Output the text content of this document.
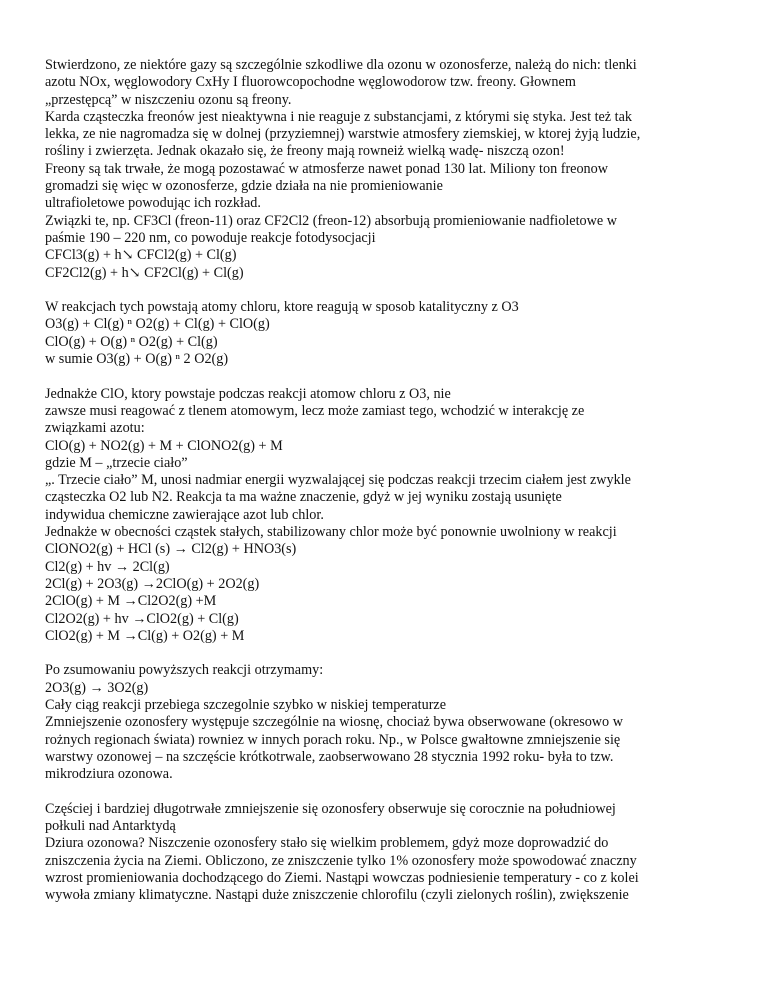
Stwierdzono, ze niektóre gazy są szczególnie szkodliwe dla ozonu w ozonosferze, należą do nich: tlenki
azotu NOx, węglowodory CxHy I fluorowcopochodne węglowodorow tzw. freony. Głownem
„przestępcą” w niszczeniu ozonu są freony.
Karda cząsteczka freonów jest nieaktywna i nie reaguje z substancjami, z którymi się styka. Jest też tak
lekka, ze nie nagromadza się w dolnej (przyziemnej) warstwie atmosfery ziemskiej, w ktorej żyją ludzie,
rośliny i zwierzęta. Jednak okazało się, że freony mają rowneiż wielką wadę- niszczą ozon!
Freony są tak trwałe, że mogą pozostawać w atmosferze nawet ponad 130 lat. Miliony ton freonow
gromadzi się więc w ozonosferze, gdzie działa na nie promieniowanie
ultrafioletowe powodując ich rozkład.
Związki te, np. CF3Cl (freon-11) oraz CF2Cl2 (freon-12) absorbują promieniowanie nadfioletowe w
paśmie 190 – 220 nm, co powoduje reakcje fotodysocjacji
CFCl3(g) + h↘ CFCl2(g) + Cl(g)
CF2Cl2(g) + h↘ CF2Cl(g) + Cl(g)
W reakcjach tych powstają atomy chloru, ktore reagują w sposob katalityczny z O3
O3(g) + Cl(g) ⁿ O2(g) + Cl(g) + ClO(g)
ClO(g) + O(g) ⁿ O2(g) + Cl(g)
w sumie O3(g) + O(g) ⁿ 2 O2(g)
Jednakże ClO, ktory powstaje podczas reakcji atomow chloru z O3, nie
zawsze musi reagować z tlenem atomowym, lecz może zamiast tego, wchodzić w interakcję ze
związkami azotu:
ClO(g) + NO2(g) + M + ClONO2(g) + M
gdzie M – „trzecie ciało”
„. Trzecie ciało” M, unosi nadmiar energii wyzwalającej się podczas reakcji trzecim ciałem jest zwykle
cząsteczka O2 lub N2. Reakcja ta ma ważne znaczenie, gdyż w jej wyniku zostają usunięte
indywidua chemiczne zawierające azot lub chlor.
Jednakże w obecności cząstek stałych, stabilizowany chlor może być ponownie uwolniony w reakcji
ClONO2(g) + HCl (s) → Cl2(g) + HNO3(s)
Cl2(g) + hv → 2Cl(g)
2Cl(g) + 2O3(g) →2ClO(g) + 2O2(g)
2ClO(g) + M →Cl2O2(g) +M
Cl2O2(g) + hv →ClO2(g) + Cl(g)
ClO2(g) + M →Cl(g) + O2(g) + M
Po zsumowaniu powyższych reakcji otrzymamy:
2O3(g) → 3O2(g)
Cały ciąg reakcji przebiega szczegolnie szybko w niskiej temperaturze
Zmniejszenie ozonosfery występuje szczególnie na wiosnę, chociaż bywa obserwowane (okresowo w
rożnych regionach świata) rowniez w innych porach roku. Np., w Polsce gwałtowne zmniejszenie się
warstwy ozonowej – na szczęście krótkotrwale, zaobserwowano 28 stycznia 1992 roku- była to tzw.
mikrodziura ozonowa.
Częściej i bardziej długotrwałe zmniejszenie się ozonosfery obserwuje się corocznie na południowej
połkuli nad Antarktydą
Dziura ozonowa? Niszczenie ozonosfery stało się wielkim problemem, gdyż moze doprowadzić do
zniszczenia życia na Ziemi. Obliczono, ze zniszczenie tylko 1% ozonosfery może spowodować znaczny
wzrost promieniowania dochodzącego do Ziemi. Nastąpi wowczas podniesienie temperatury - co z kolei
wywoła zmiany klimatyczne. Nastąpi duże zniszczenie chlorofilu (czyli zielonych roślin), zwiększenie
